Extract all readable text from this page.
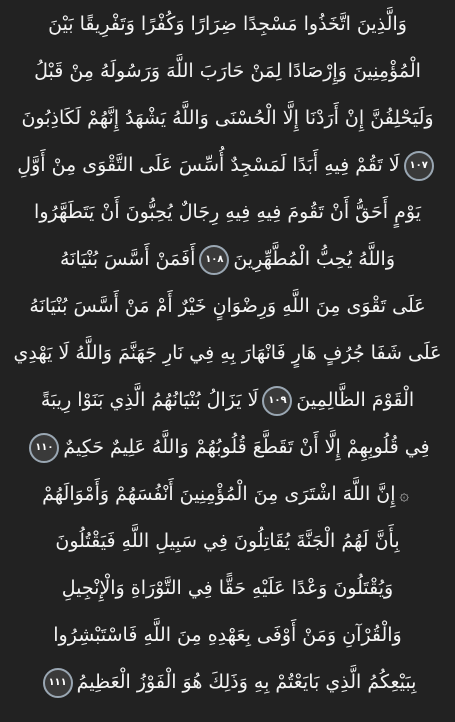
وَالَّذِينَ اتَّخَذُوا مَسْجِدًا ضِرَارًا وَكُفْرًا وَتَفْرِيقًا بَيْنَ
الْمُؤْمِنِينَ وَإِرْصَادًا لِمَنْ حَارَبَ اللَّهَ وَرَسُولَهُ مِنْ قَبْلُ
وَلَيَحْلِفُنَّ إِنْ أَرَدْنَا إِلَّا الْحُسْنَى وَاللَّهُ يَشْهَدُ إِنَّهُمْ لَكَاذِبُونَ
١٠٧
لَا تَقُمْ فِيهِ أَبَدًا لَمَسْجِدٌ أُسِّسَ عَلَى التَّقْوَى مِنْ أَوَّلِ
يَوْمٍ أَحَقُّ أَنْ تَقُومَ فِيهِ فِيهِ رِجَالٌ يُحِبُّونَ أَنْ يَتَطَهَّرُوا
وَاللَّهُ يُحِبُّ الْمُطَّهِّرِينَ
١٠٨
أَفَمَنْ أَسَّسَ بُنْيَانَهُ
عَلَى تَقْوَى مِنَ اللَّهِ وَرِضْوَانٍ خَيْرٌ أَمْ مَنْ أَسَّسَ بُنْيَانَهُ
عَلَى شَفَا جُرُفٍ هَارٍ فَانْهَارَ بِهِ فِي نَارِ جَهَنَّمَ وَاللَّهُ لَا يَهْدِي
الْقَوْمَ الظَّالِمِينَ
١٠٩
لَا يَزَالُ بُنْيَانُهُمُ الَّذِي بَنَوْا رِيبَةً
فِي قُلُوبِهِمْ إِلَّا أَنْ تَقَطَّعَ قُلُوبُهُمْ وَاللَّهُ عَلِيمٌ حَكِيمٌ
١١٠
۞
إِنَّ اللَّهَ اشْتَرَى مِنَ الْمُؤْمِنِينَ أَنْفُسَهُمْ وَأَمْوَالَهُمْ
بِأَنَّ لَهُمُ الْجَنَّةَ يُقَاتِلُونَ فِي سَبِيلِ اللَّهِ فَيَقْتُلُونَ
وَيُقْتَلُونَ وَعْدًا عَلَيْهِ حَقًّا فِي التَّوْرَاةِ وَالْإِنْجِيلِ
وَالْقُرْآنِ وَمَنْ أَوْفَى بِعَهْدِهِ مِنَ اللَّهِ فَاسْتَبْشِرُوا
بِبَيْعِكُمُ الَّذِي بَايَعْتُمْ بِهِ وَذَلِكَ هُوَ الْفَوْزُ الْعَظِيمُ
١١١
